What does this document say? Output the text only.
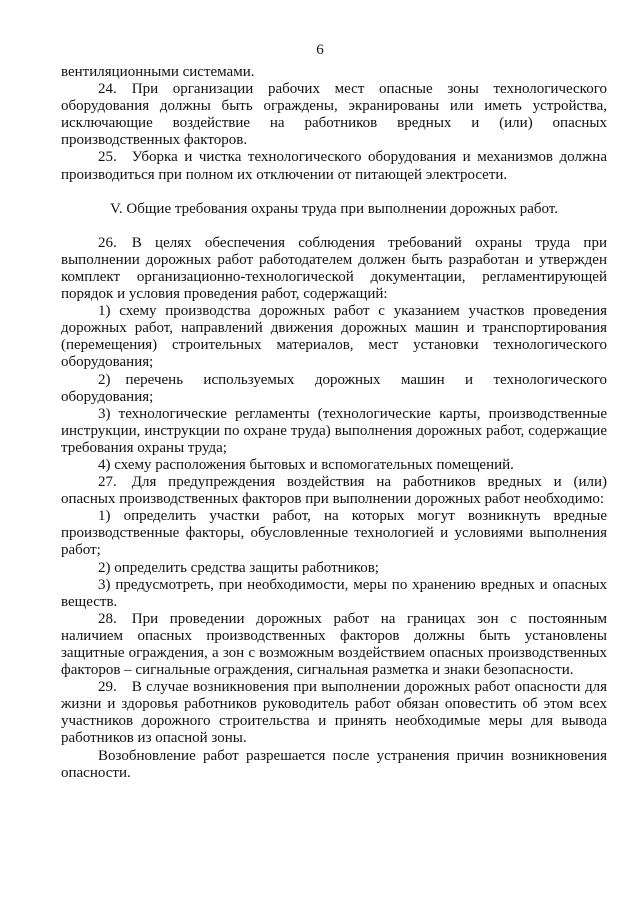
6

вентиляционными системами.

24. При организации рабочих мест опасные зоны технологического оборудования должны быть ограждены, экранированы или иметь устройства, исключающие воздействие на работников вредных и (или) опасных производственных факторов.

25. Уборка и чистка технологического оборудования и механизмов должна производиться при полном их отключении от питающей электросети.

V. Общие требования охраны труда при выполнении дорожных работ.

26. В целях обеспечения соблюдения требований охраны труда при выполнении дорожных работ работодателем должен быть разработан и утвержден комплект организационно-технологической документации, регламентирующей порядок и условия проведения работ, содержащий:

1) схему производства дорожных работ с указанием участков проведения дорожных работ, направлений движения дорожных машин и транспортирования (перемещения) строительных материалов, мест установки технологического оборудования;

2) перечень используемых дорожных машин и технологического оборудования;

3) технологические регламенты (технологические карты, производственные инструкции, инструкции по охране труда) выполнения дорожных работ, содержащие требования охраны труда;

4) схему расположения бытовых и вспомогательных помещений.

27. Для предупреждения воздействия на работников вредных и (или) опасных производственных факторов при выполнении дорожных работ необходимо:

1) определить участки работ, на которых могут возникнуть вредные производственные факторы, обусловленные технологией и условиями выполнения работ;

2) определить средства защиты работников;

3) предусмотреть, при необходимости, меры по хранению вредных и опасных веществ.

28. При проведении дорожных работ на границах зон с постоянным наличием опасных производственных факторов должны быть установлены защитные ограждения, а зон с возможным воздействием опасных производственных факторов – сигнальные ограждения, сигнальная разметка и знаки безопасности.

29. В случае возникновения при выполнении дорожных работ опасности для жизни и здоровья работников руководитель работ обязан оповестить об этом всех участников дорожного строительства и принять необходимые меры для вывода работников из опасной зоны.

Возобновление работ разрешается после устранения причин возникновения опасности.
